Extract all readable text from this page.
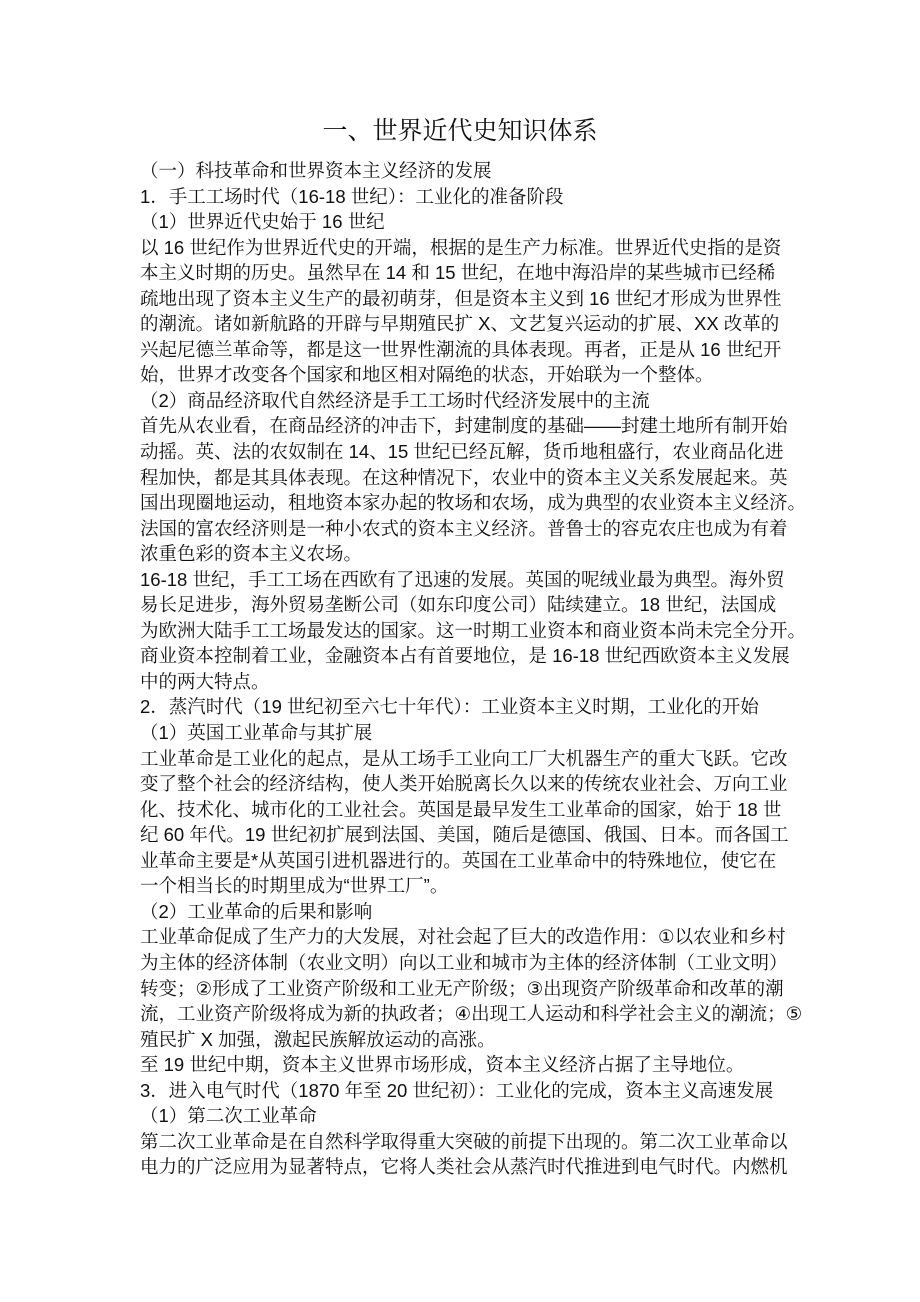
一、世界近代史知识体系
（一）科技革命和世界资本主义经济的发展
1．手工工场时代（16-18 世纪）：工业化的准备阶段
（1）世界近代史始于 16 世纪
以 16 世纪作为世界近代史的开端，根据的是生产力标准。世界近代史指的是资
本主义时期的历史。虽然早在 14 和 15 世纪，在地中海沿岸的某些城市已经稀
疏地出现了资本主义生产的最初萌芽，但是资本主义到 16 世纪才形成为世界性
的潮流。诸如新航路的开辟与早期殖民扩 X、文艺复兴运动的扩展、XX 改革的
兴起尼德兰革命等，都是这一世界性潮流的具体表现。再者，正是从 16 世纪开
始，世界才改变各个国家和地区相对隔绝的状态，开始联为一个整体。
（2）商品经济取代自然经济是手工工场时代经济发展中的主流
首先从农业看，在商品经济的冲击下，封建制度的基础——封建土地所有制开始
动摇。英、法的农奴制在 14、15 世纪已经瓦解，货币地租盛行，农业商品化进
程加快，都是其具体表现。在这种情况下，农业中的资本主义关系发展起来。英
国出现圈地运动，租地资本家办起的牧场和农场，成为典型的农业资本主义经济。
法国的富农经济则是一种小农式的资本主义经济。普鲁士的容克农庄也成为有着
浓重色彩的资本主义农场。
16-18 世纪，手工工场在西欧有了迅速的发展。英国的呢绒业最为典型。海外贸
易长足进步，海外贸易垄断公司（如东印度公司）陆续建立。18 世纪，法国成
为欧洲大陆手工工场最发达的国家。这一时期工业资本和商业资本尚未完全分开。
商业资本控制着工业，金融资本占有首要地位，是 16-18 世纪西欧资本主义发展
中的两大特点。
2．蒸汽时代（19 世纪初至六七十年代）：工业资本主义时期，工业化的开始
（1）英国工业革命与其扩展
工业革命是工业化的起点，是从工场手工业向工厂大机器生产的重大飞跃。它改
变了整个社会的经济结构，使人类开始脱离长久以来的传统农业社会、万向工业
化、技术化、城市化的工业社会。英国是最早发生工业革命的国家，始于 18 世
纪 60 年代。19 世纪初扩展到法国、美国，随后是德国、俄国、日本。而各国工
业革命主要是*从英国引进机器进行的。英国在工业革命中的特殊地位，使它在
一个相当长的时期里成为“世界工厂”。
（2）工业革命的后果和影响
工业革命促成了生产力的大发展，对社会起了巨大的改造作用：①以农业和乡村
为主体的经济体制（农业文明）向以工业和城市为主体的经济体制（工业文明）
转变；②形成了工业资产阶级和工业无产阶级；③出现资产阶级革命和改革的潮
流，工业资产阶级将成为新的执政者；④出现工人运动和科学社会主义的潮流；⑤
殖民扩 X 加强，激起民族解放运动的高涨。
至 19 世纪中期，资本主义世界市场形成，资本主义经济占据了主导地位。
3．进入电气时代（1870 年至 20 世纪初）：工业化的完成，资本主义高速发展
（1）第二次工业革命
第二次工业革命是在自然科学取得重大突破的前提下出现的。第二次工业革命以
电力的广泛应用为显著特点，它将人类社会从蒸汽时代推进到电气时代。内燃机
